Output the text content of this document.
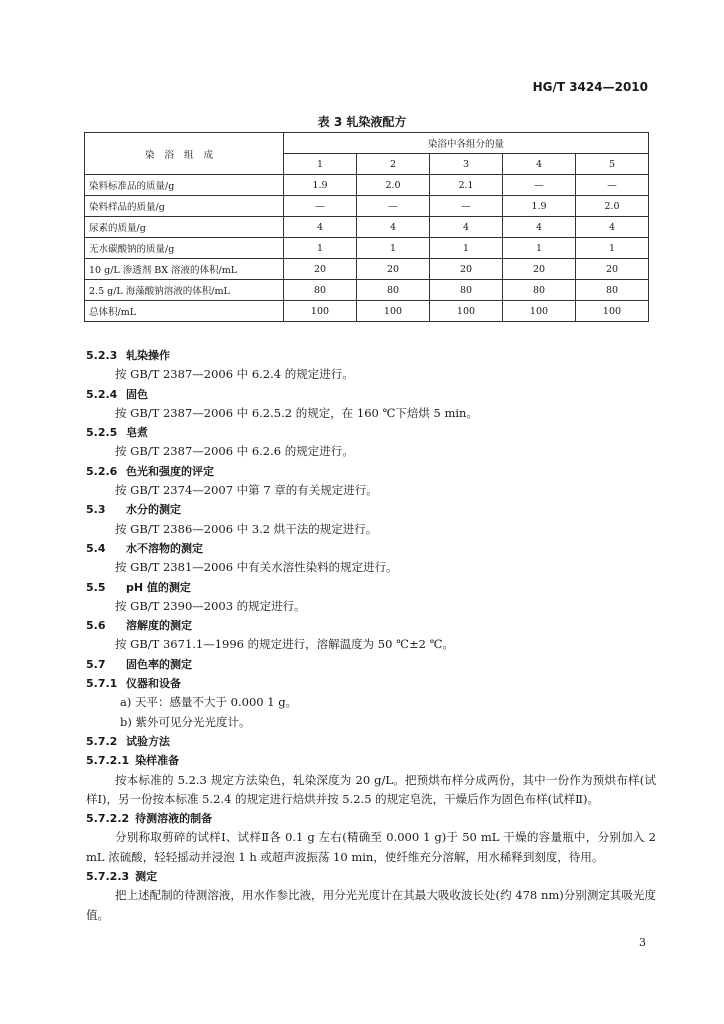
HG/T 3424—2010
表 3 轧染液配方
染浴组成	染浴中各组分的量				
	1	2	3	4	5
染料标准品的质量/g	1.9	2.0	2.1	—	—
染料样品的质量/g	—	—	—	1.9	2.0
尿素的质量/g	4	4	4	4	4
无水碳酸钠的质量/g	1	1	1	1	1
10 g/L 渗透剂 BX 溶液的体积/mL	20	20	20	20	20
2.5 g/L 海藻酸钠溶液的体积/mL	80	80	80	80	80
总体积/mL	100	100	100	100	100
5.2.3 轧染操作
按 GB/T 2387—2006 中 6.2.4 的规定进行。
5.2.4 固色
按 GB/T 2387—2006 中 6.2.5.2 的规定，在 160 ℃下焙烘 5 min。
5.2.5 皂煮
按 GB/T 2387—2006 中 6.2.6 的规定进行。
5.2.6 色光和强度的评定
按 GB/T 2374—2007 中第 7 章的有关规定进行。
5.3 水分的测定
按 GB/T 2386—2006 中 3.2 烘干法的规定进行。
5.4 水不溶物的测定
按 GB/T 2381—2006 中有关水溶性染料的规定进行。
5.5 pH 值的测定
按 GB/T 2390—2003 的规定进行。
5.6 溶解度的测定
按 GB/T 3671.1—1996 的规定进行，溶解温度为 50 ℃±2 ℃。
5.7 固色率的测定
5.7.1 仪器和设备
a) 天平：感量不大于 0.000 1 g。
b) 紫外可见分光光度计。
5.7.2 试验方法
5.7.2.1 染样准备
按本标准的 5.2.3 规定方法染色，轧染深度为 20 g/L。把预烘布样分成两份，其中一份作为预烘布样(试样Ⅰ)，另一份按本标准 5.2.4 的规定进行焙烘并按 5.2.5 的规定皂洗，干燥后作为固色布样(试样Ⅱ)。
5.7.2.2 待测溶液的制备
分别称取剪碎的试样Ⅰ、试样Ⅱ各 0.1 g 左右(精确至 0.000 1 g)于 50 mL 干燥的容量瓶中，分别加入 2 mL 浓硫酸，轻轻摇动并浸泡 1 h 或超声波振荡 10 min，使纤维充分溶解，用水稀释到刻度，待用。
5.7.2.3 测定
把上述配制的待测溶液，用水作参比液，用分光光度计在其最大吸收波长处(约 478 nm)分别测定其吸光度值。
3
